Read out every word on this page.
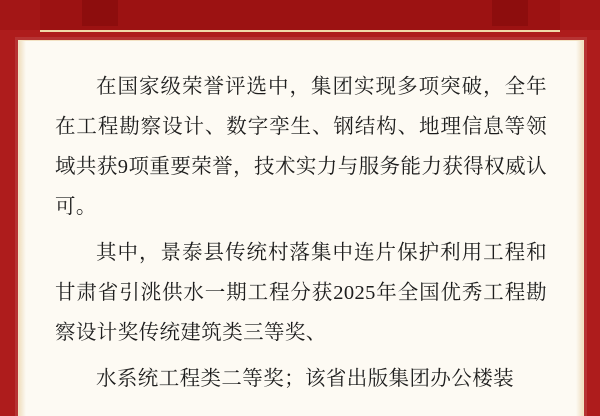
在国家级荣誉评选中，集团实现多项突破，全年在工程勘察设计、数字孪生、钢结构、地理信息等领域共获9项重要荣誉，技术实力与服务能力获得权威认可。

其中，景泰县传统村落集中连片保护利用工程和甘肃省引洮供水一期工程分获2025年全国优秀工程勘察设计奖传统建筑类三等奖、

水系统工程类二等奖；该省出版集团办公楼装
